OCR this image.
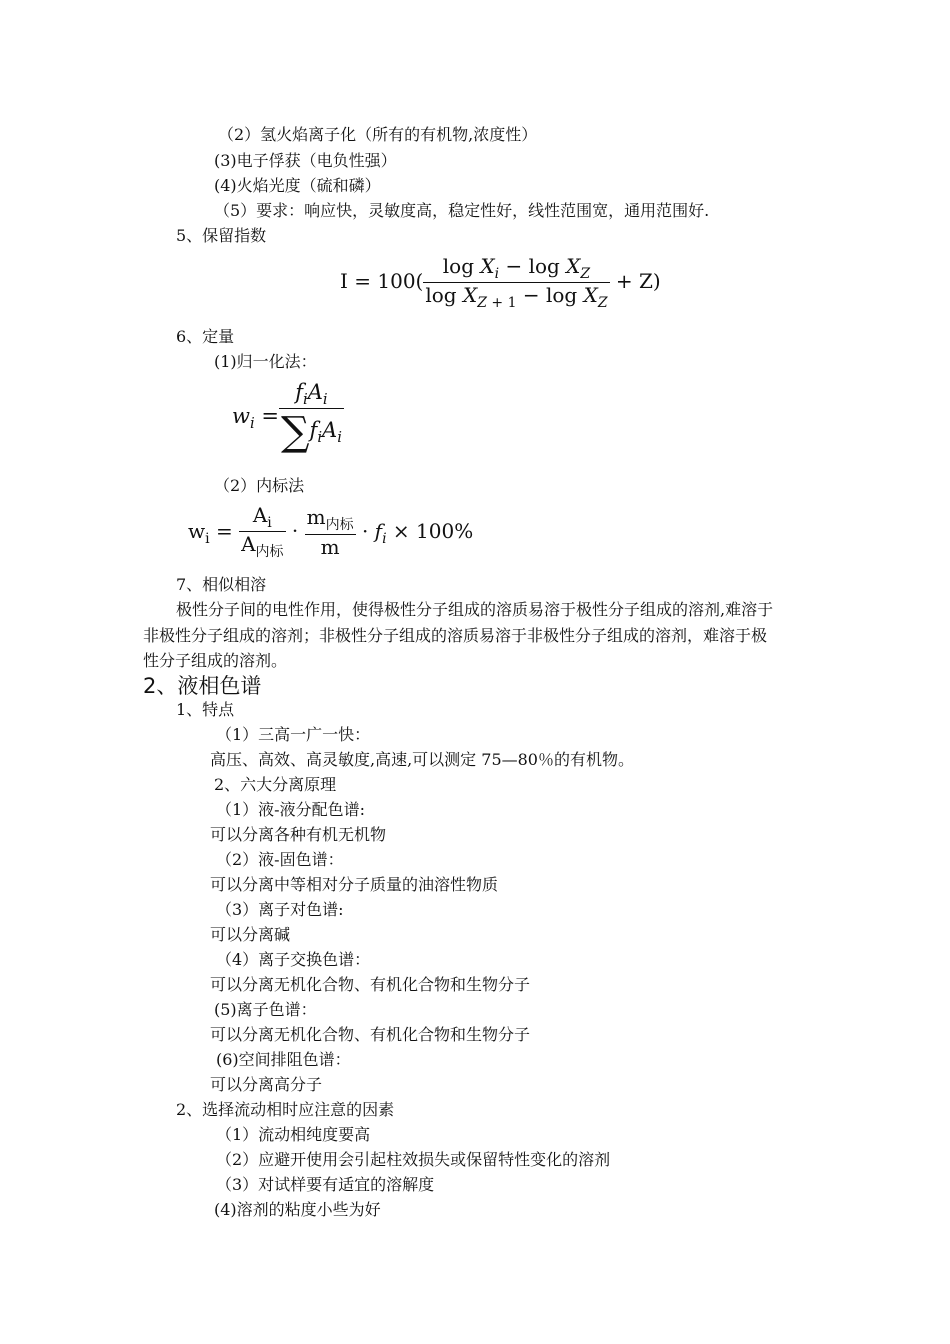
（2）氢火焰离子化（所有的有机物,浓度性）
(3)电子俘获（电负性强）
(4)火焰光度（硫和磷）
（5）要求：响应快，灵敏度高，稳定性好，线性范围宽，通用范围好.
5、保留指数
$I = 100( \frac{\log X_i - \log X_Z}{\log X_{Z + 1} - \log X_Z} + Z)$
6、定量
(1)归一化法：
$w_i = \frac{f_iA_i}{\sum f_iA_i}$
（2）内标法
$w_i = \frac{A_i}{A_{内标}} \cdot \frac{m_{内标}}{m} \cdot f_i \times 100\%$
7、相似相溶
极性分子间的电性作用，使得极性分子组成的溶质易溶于极性分子组成的溶剂,难溶于
非极性分子组成的溶剂；非极性分子组成的溶质易溶于非极性分子组成的溶剂，难溶于极
性分子组成的溶剂。
2、液相色谱
1、特点
（1）三高一广一快：
高压、高效、高灵敏度,高速,可以测定 75—80％的有机物。
2、六大分离原理
（1）液-液分配色谱:
可以分离各种有机无机物
（2）液-固色谱：
可以分离中等相对分子质量的油溶性物质
（3）离子对色谱:
可以分离碱
（4）离子交换色谱：
可以分离无机化合物、有机化合物和生物分子
(5)离子色谱：
可以分离无机化合物、有机化合物和生物分子
(6)空间排阻色谱：
可以分离高分子
2、选择流动相时应注意的因素
（1）流动相纯度要高
（2）应避开使用会引起柱效损失或保留特性变化的溶剂
（3）对试样要有适宜的溶解度
(4)溶剂的粘度小些为好
